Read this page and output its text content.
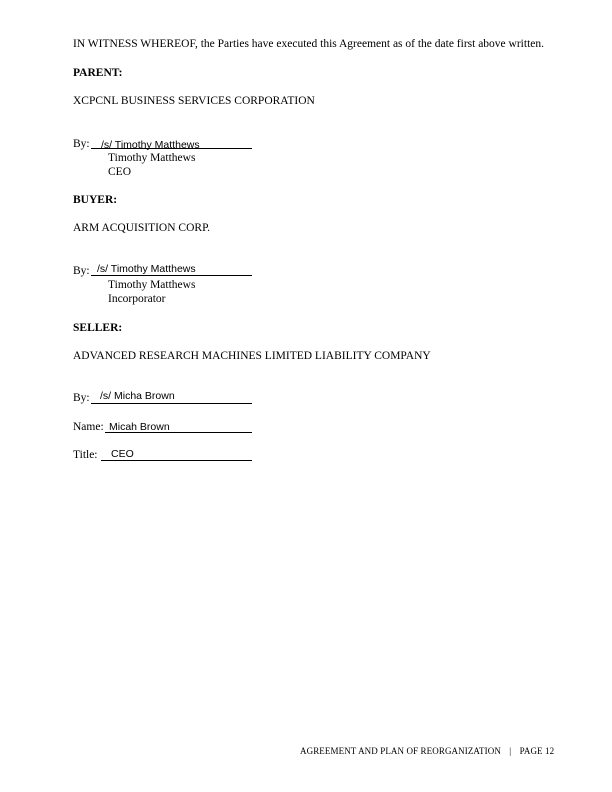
IN WITNESS WHEREOF, the Parties have executed this Agreement as of the date first above written.
PARENT:
XCPCNL BUSINESS SERVICES CORPORATION
By: /s/ Timothy Matthews
Timothy Matthews
CEO
BUYER:
ARM ACQUISITION CORP.
By: /s/ Timothy Matthews
Timothy Matthews
Incorporator
SELLER:
ADVANCED RESEARCH MACHINES LIMITED LIABILITY COMPANY
By: /s/ Micha Brown
Name: Micah Brown
Title: CEO
AGREEMENT AND PLAN OF REORGANIZATION | PAGE 12
